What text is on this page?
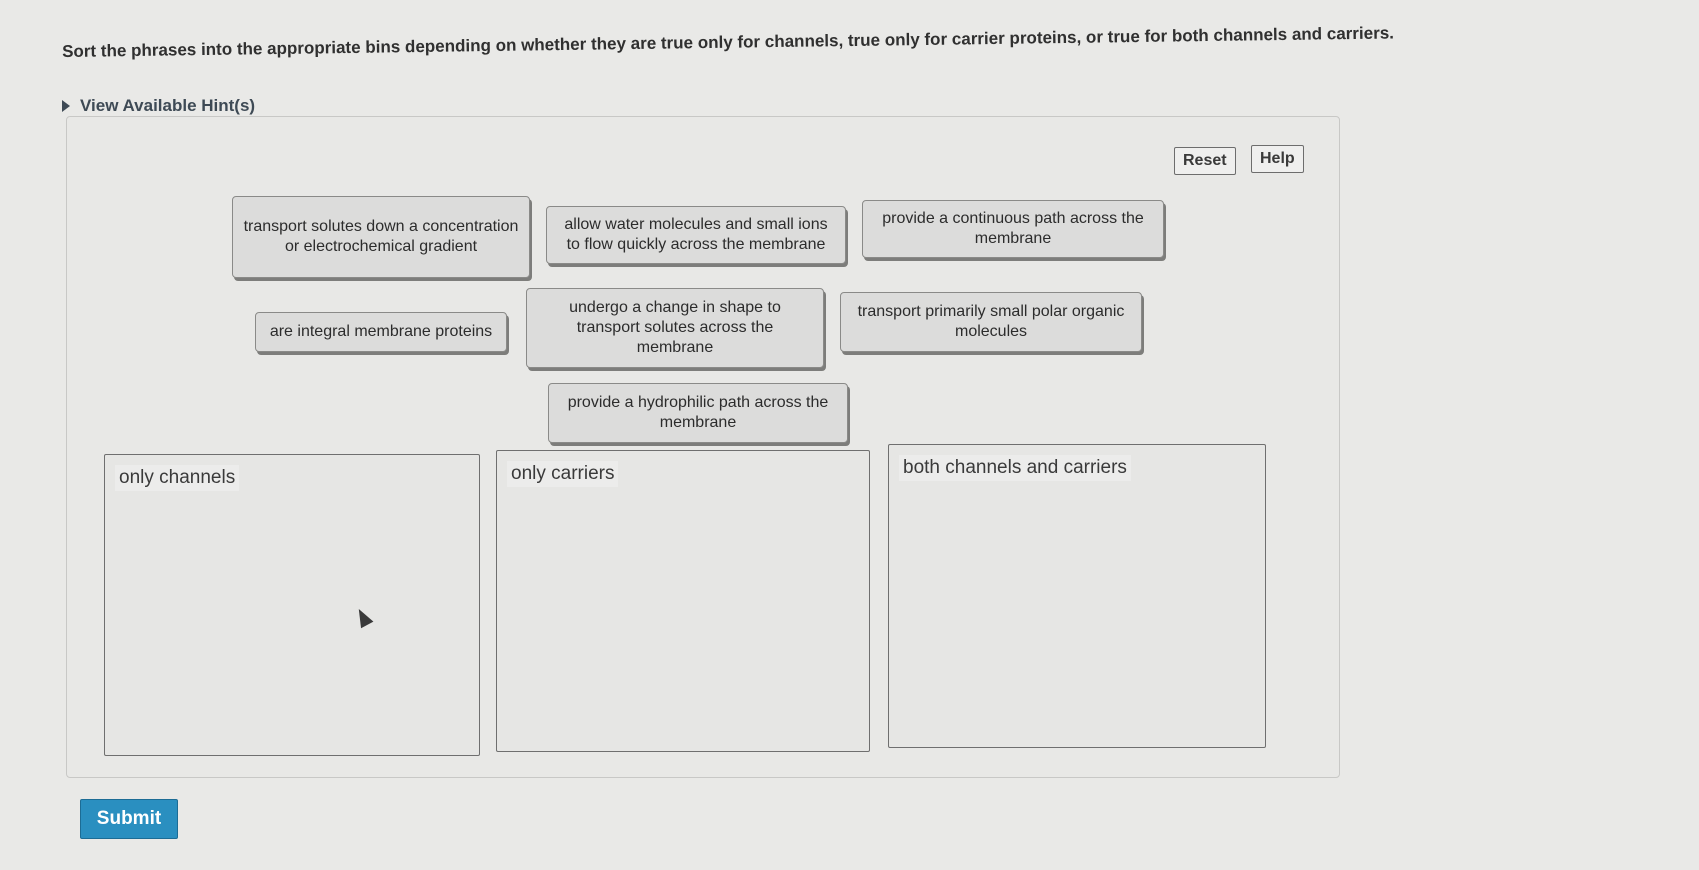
Sort the phrases into the appropriate bins depending on whether they are true only for channels, true only for carrier proteins, or true for both channels and carriers.
View Available Hint(s)
Reset	Help
transport solutes down a concentration or electrochemical gradient
allow water molecules and small ions to flow quickly across the membrane
provide a continuous path across the membrane
are integral membrane proteins
undergo a change in shape to transport solutes across the membrane
transport primarily small polar organic molecules
provide a hydrophilic path across the membrane
only channels	only carriers	both channels and carriers
Submit
